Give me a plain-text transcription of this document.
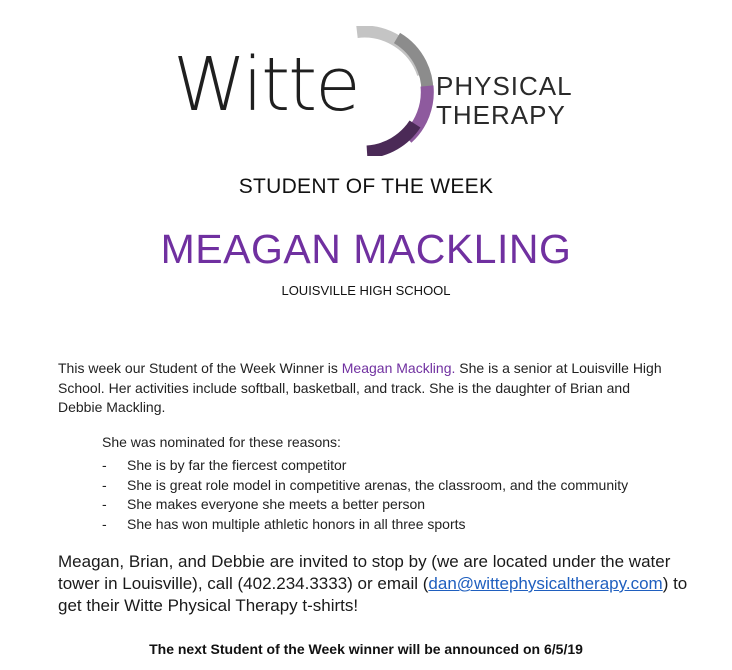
Witte	PHYSICAL
THERAPY
STUDENT OF THE WEEK
MEAGAN MACKLING
LOUISVILLE HIGH SCHOOL
This week our Student of the Week Winner is Meagan Mackling. She is a senior at Louisville High School. Her activities include softball, basketball, and track. She is the daughter of Brian and Debbie Mackling.
She was nominated for these reasons:
- She is by far the fiercest competitor
- She is great role model in competitive arenas, the classroom, and the community
- She makes everyone she meets a better person
- She has won multiple athletic honors in all three sports
Meagan, Brian, and Debbie are invited to stop by (we are located under the water tower in Louisville), call (402.234.3333) or email (dan@wittephysicaltherapy.com) to get their Witte Physical Therapy t-shirts!
The next Student of the Week winner will be announced on 6/5/19
